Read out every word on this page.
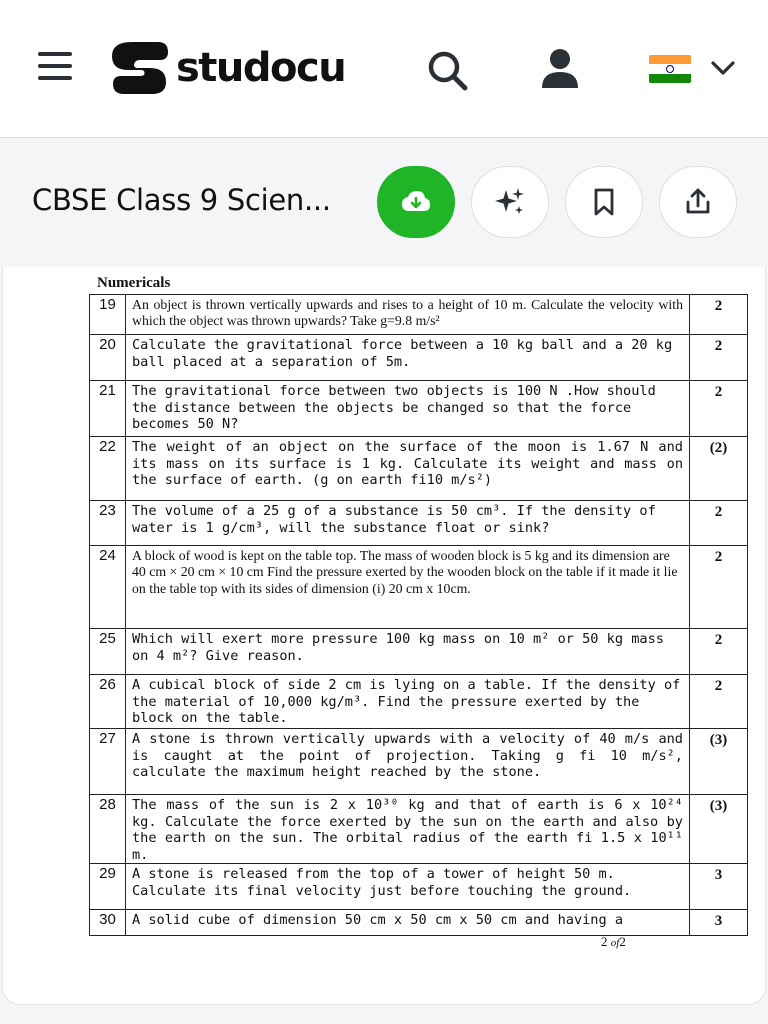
studocu
CBSE Class 9 Scien...
Numericals
19	An object is thrown vertically upwards and rises to a height of 10 m. Calculate the velocity with which the object was thrown upwards? Take g=9.8 m/s²	2
20	Calculate the gravitational force between a 10 kg ball and a 20 kg ball placed at a separation of 5m.	2
21	The gravitational force between two objects is 100 N .How should the distance between the objects be changed so that the force becomes 50 N?	2
22	The weight of an object on the surface of the moon is 1.67 N and its mass on its surface is 1 kg. Calculate its weight and mass on the surface of earth. (g on earth fi10 m/s²)	(2)
23	The volume of a 25 g of a substance is 50 cm³. If the density of water is 1 g/cm³, will the substance float or sink?	2
24	A block of wood is kept on the table top. The mass of wooden block is 5 kg and its dimension are 40 cm × 20 cm × 10 cm Find the pressure exerted by the wooden block on the table if it made it lie on the table top with its sides of dimension (i) 20 cm x 10cm.	2
25	Which will exert more pressure 100 kg mass on 10 m² or 50 kg mass on 4 m²? Give reason.	2
26	A cubical block of side 2 cm is lying on a table. If the density of the material of 10,000 kg/m³. Find the pressure exerted by the block on the table.	2
27	A stone is thrown vertically upwards with a velocity of 40 m/s and is caught at the point of projection. Taking g fi 10 m/s², calculate the maximum height reached by the stone.	(3)
28	The mass of the sun is 2 x 10³⁰ kg and that of earth is 6 x 10²⁴ kg. Calculate the force exerted by the sun on the earth and also by the earth on the sun. The orbital radius of the earth fi 1.5 x 10¹¹ m.	(3)
29	A stone is released from the top of a tower of height 50 m. Calculate its final velocity just before touching the ground.	3
30	A solid cube of dimension 50 cm x 50 cm x 50 cm and having a	3
2 of2
